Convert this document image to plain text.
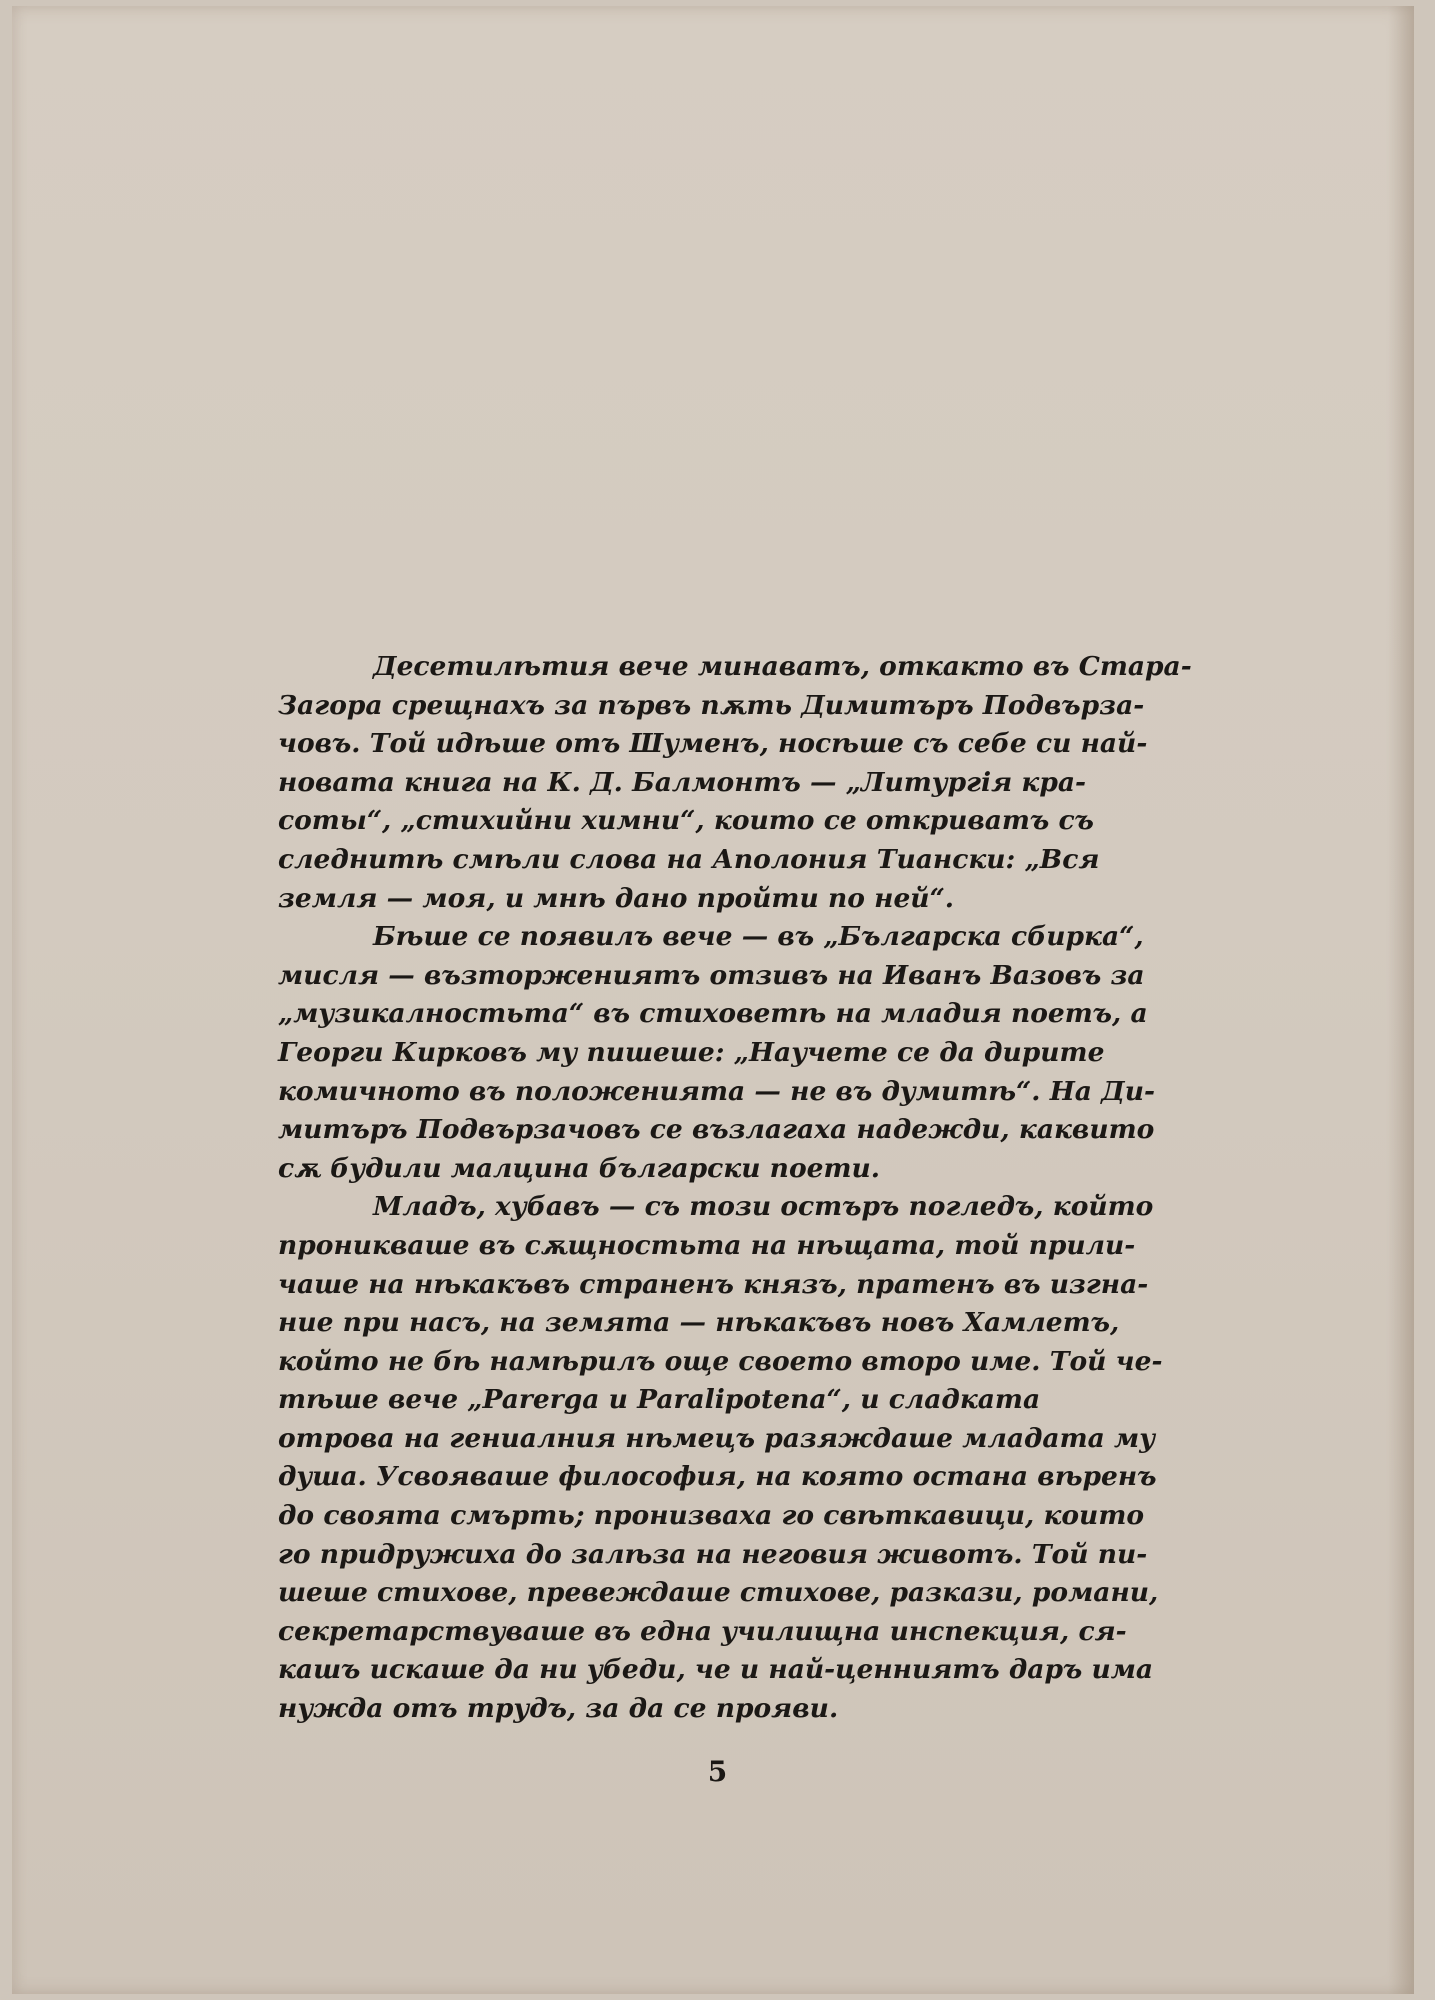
Десетилѣтия вече минаватъ, откакто въ Стара-
Загора срещнахъ за първъ пѫть Димитъръ Подвърза-
човъ. Той идѣше отъ Шуменъ, носѣше съ себе си най-
новата книга на К. Д. Балмонтъ — „Литургія кра-
соты“, „стихийни химни“, които се откриватъ съ
следнитѣ смѣли слова на Аполония Тиански: „Вся
земля — моя, и мнѣ дано пройти по ней“.

Бѣше се появилъ вече — въ „Българска сбирка“,
мисля — възторжениятъ отзивъ на Иванъ Вазовъ за
„музикалностьта“ въ стиховетѣ на младия поетъ, а
Георги Кирковъ му пишеше: „Научете се да дирите
комичното въ положенията — не въ думитѣ“. На Ди-
митъръ Подвързачовъ се възлагаха надежди, каквито
сѫ будили малцина български поети.

Младъ, хубавъ — съ този остъръ погледъ, който
проникваше въ сѫщностьта на нѣщата, той прили-
чаше на нѣкакъвъ страненъ князъ, пратенъ въ изгна-
ние при насъ, на земята — нѣкакъвъ новъ Хамлетъ,
който не бѣ намѣрилъ още своето второ име. Той че-
тѣше вече „Parerga и Paralipotena“, и сладката
отрова на гениалния нѣмецъ разяждаше младата му
душа. Усвояваше философия, на която остана вѣренъ
до своята смърть; пронизваха го свѣткавици, които
го придружиха до залѣза на неговия животъ. Той пи-
шеше стихове, превеждаше стихове, разкази, романи,
секретарствуваше въ една училищна инспекция, ся-
кашъ искаше да ни убеди, че и най-ценниятъ даръ има
нужда отъ трудъ, за да се прояви.

5
